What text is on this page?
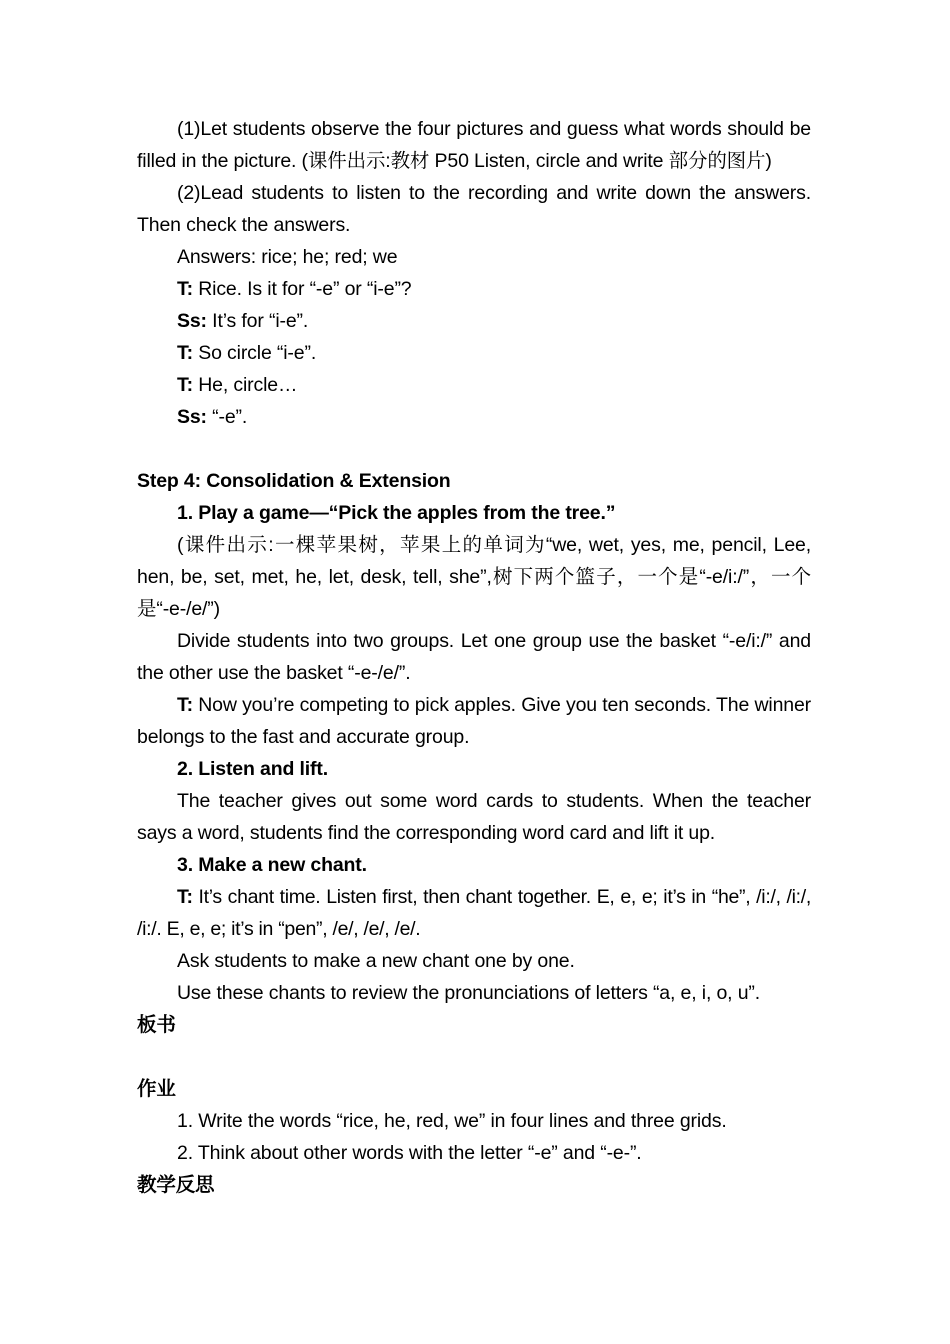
(1)Let students observe the four pictures and guess what words should be filled in the picture. (课件出示:教材 P50 Listen, circle and write 部分的图片)

(2)Lead students to listen to the recording and write down the answers. Then check the answers.

Answers: rice; he; red; we

T: Rice. Is it for “-e” or “i-e”?

Ss: It’s for “i-e”.

T: So circle “i-e”.

T: He, circle…

Ss: “-e”.

Step 4: Consolidation & Extension

1. Play a game—“Pick the apples from the tree.”

(课件出示:一棵苹果树，苹果上的单词为“we, wet, yes, me, pencil, Lee, hen, be, set, met, he, let, desk, tell, she”,树下两个篮子，一个是“-e/i:/”，一个是“-e-/e/”)

Divide students into two groups. Let one group use the basket “-e/i:/” and the other use the basket “-e-/e/”.

T: Now you’re competing to pick apples. Give you ten seconds. The winner belongs to the fast and accurate group.

2. Listen and lift.

The teacher gives out some word cards to students. When the teacher says a word, students find the corresponding word card and lift it up.

3. Make a new chant.

T: It’s chant time. Listen first, then chant together. E, e, e; it’s in “he”, /i:/, /i:/, /i:/. E, e, e; it’s in “pen”, /e/, /e/, /e/.

Ask students to make a new chant one by one.

Use these chants to review the pronunciations of letters “a, e, i, o, u”.

板书

作业

1. Write the words “rice, he, red, we” in four lines and three grids.

2. Think about other words with the letter “-e” and “-e-”.

教学反思
